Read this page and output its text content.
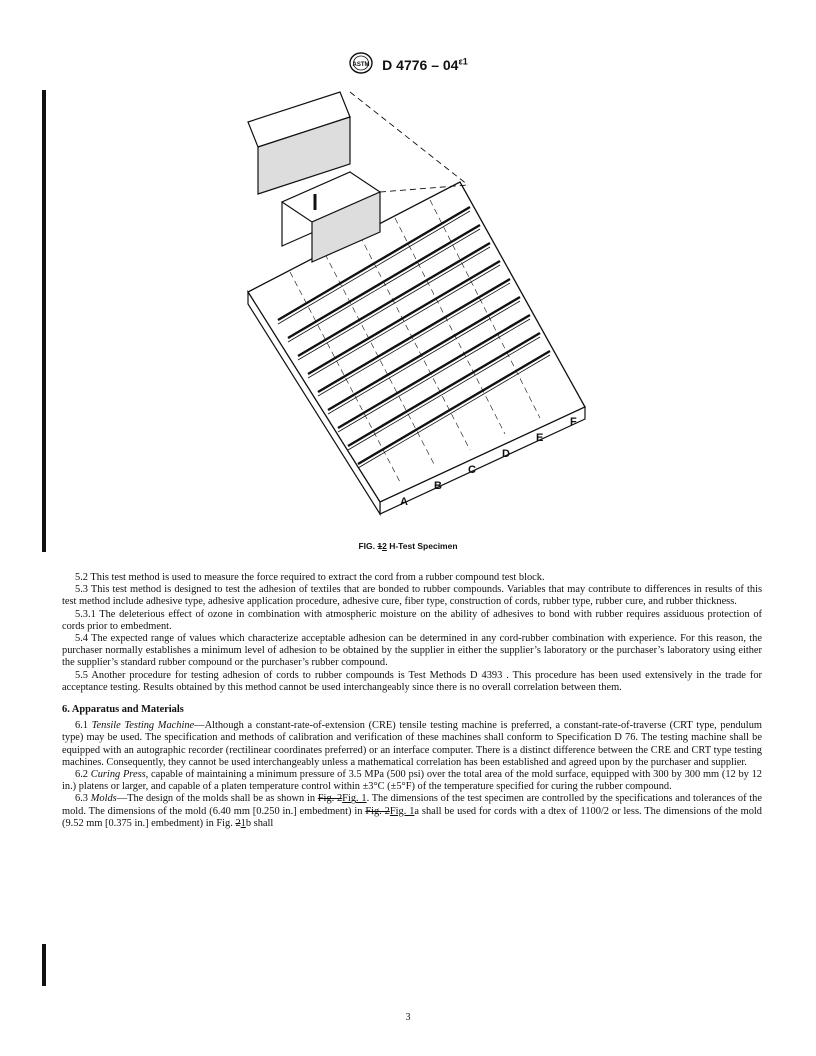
ASTM D $4776 - 04^{\varepsilon 1}$
A
B
C
D
E
F
FIG. 12 H-Test Specimen

5.2 This test method is used to measure the force required to extract the cord from a rubber compound test block.

5.3 This test method is designed to test the adhesion of textiles that are bonded to rubber compounds. Variables that may contribute to differences in results of this test method include adhesive type, adhesive application procedure, adhesive cure, fiber type, construction of cords, rubber type, rubber cure, and rubber thickness.

5.3.1 The deleterious effect of ozone in combination with atmospheric moisture on the ability of adhesives to bond with rubber requires assiduous protection of cords prior to embedment.

5.4 The expected range of values which characterize acceptable adhesion can be determined in any cord-rubber combination with experience. For this reason, the purchaser normally establishes a minimum level of adhesion to be obtained by the supplier in either the supplier’s laboratory or the purchaser’s laboratory using either the supplier’s standard rubber compound or the purchaser’s rubber compound.

5.5 Another procedure for testing adhesion of cords to rubber compounds is Test Methods D 4393 . This procedure has been used extensively in the trade for acceptance testing. Results obtained by this method cannot be used interchangeably since there is no overall correlation between them.

6. Apparatus and Materials

6.1 Tensile Testing Machine—Although a constant-rate-of-extension (CRE) tensile testing machine is preferred, a constant-rate-of-traverse (CRT type, pendulum type) may be used. The specification and methods of calibration and verification of these machines shall conform to Specification D 76. The testing machine shall be equipped with an autographic recorder (rectilinear coordinates preferred) or an interface computer. There is a distinct difference between the CRE and CRT type testing machines. Consequently, they cannot be used interchangeably unless a mathematical correlation has been established and agreed upon by the purchaser and supplier.

6.2 Curing Press, capable of maintaining a minimum pressure of 3.5 MPa (500 psi) over the total area of the mold surface, equipped with 300 by 300 mm (12 by 12 in.) platens or larger, and capable of a platen temperature control within ±3°C (±5°F) of the temperature specified for curing the rubber compound.

6.3 Molds—The design of the molds shall be as shown in Fig. 2Fig. 1. The dimensions of the test specimen are controlled by the specifications and tolerances of the mold. The dimensions of the mold (6.40 mm [0.250 in.] embedment) in Fig. 2Fig. 1a shall be used for cords with a dtex of 1100/2 or less. The dimensions of the mold (9.52 mm [0.375 in.] embedment) in Fig. 21b shall

3
